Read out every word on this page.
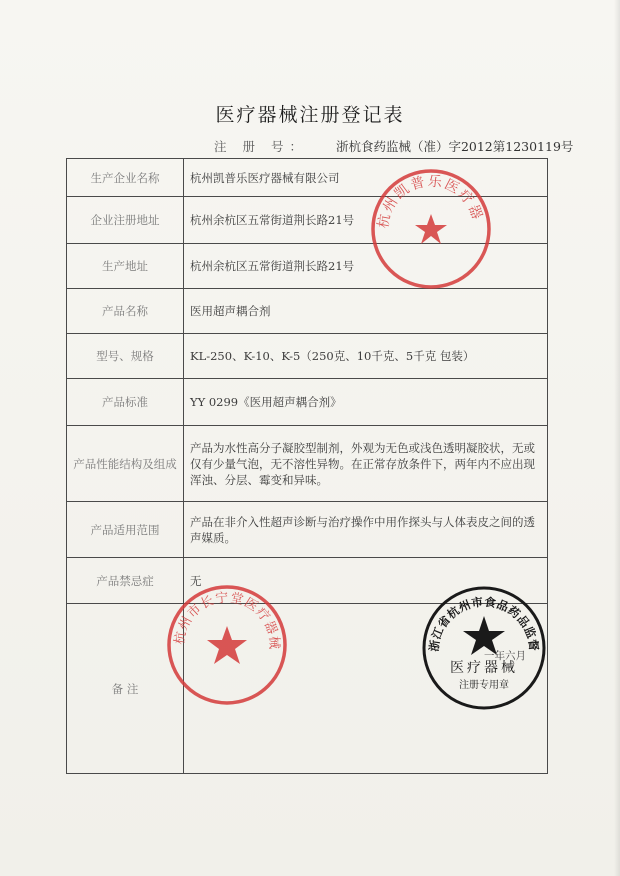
医疗器械注册登记表
注 册 号： 浙杭食药监械（准）字2012第1230119号
生产企业名称	杭州凯普乐医疗器械有限公司
企业注册地址	杭州余杭区五常街道荆长路21号
生产地址	杭州余杭区五常街道荆长路21号
产品名称	医用超声耦合剂
型号、规格	KL-250、K-10、K-5（250克、10千克、5千克 包装）
产品标准	YY 0299《医用超声耦合剂》
产品性能结构及组成	产品为水性高分子凝胶型制剂，外观为无色或浅色透明凝胶状，无或仅有少量气泡，无不溶性异物。在正常存放条件下，两年内不应出现浑浊、分层、霉变和异味。
产品适用范围	产品在非介入性超声诊断与治疗操作中用作探头与人体表皮之间的透声媒质。
产品禁忌症	无
备 注	
杭州凯普乐医疗器
杭州市长宁堂医疗器械	浙江省杭州市食品药品监督
医疗器械
注册专用章
一年六月
